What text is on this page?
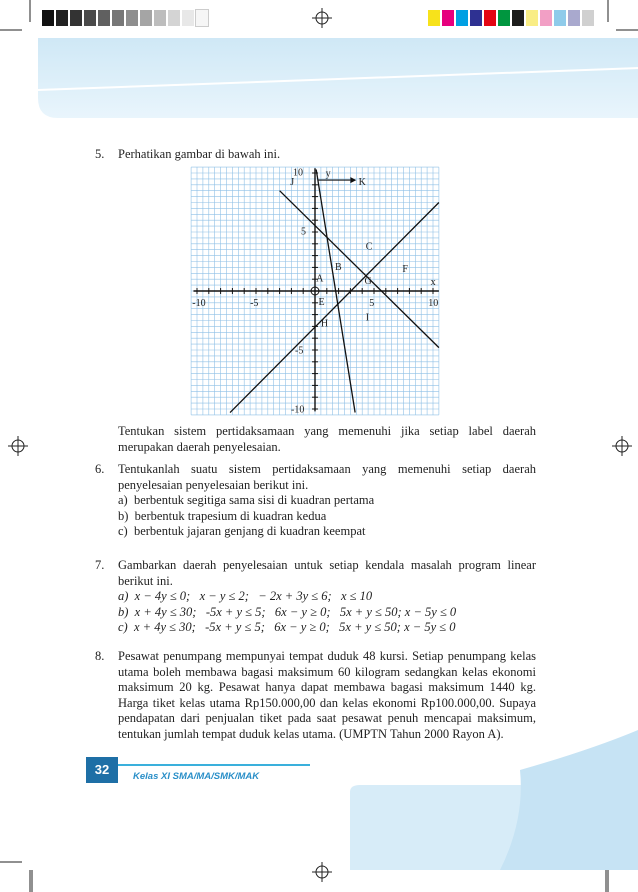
5. Perhatikan gambar di bawah ini.
-10	-5	5	10
10
5
-5
-10
x
y
J	K
C
B	F
A	G
E
I
H
Tentukan sistem pertidaksamaan yang memenuhi jika setiap label daerah merupakan daerah penyelesaian.
6. Tentukanlah suatu sistem pertidaksamaan yang memenuhi setiap daerah penyelesaian penyelesaian berikut ini.
a) berbentuk segitiga sama sisi di kuadran pertama
b) berbentuk trapesium di kuadran kedua
c) berbentuk jajaran genjang di kuadran keempat
7. Gambarkan daerah penyelesaian untuk setiap kendala masalah program linear berikut ini.
a) x − 4y ≤ 0;  x − y ≤ 2;  − 2x + 3y ≤ 6;  x ≤ 10
b) x + 4y ≤ 30;  -5x + y ≤ 5;  6x − y ≥ 0;  5x + y ≤ 50; x − 5y ≤ 0
c) x + 4y ≤ 30;  -5x + y ≤ 5;  6x − y ≥ 0;  5x + y ≤ 50; x − 5y ≤ 0
8. Pesawat penumpang mempunyai tempat duduk 48 kursi. Setiap penumpang kelas utama boleh membawa bagasi maksimum 60 kilogram sedangkan kelas ekonomi maksimum 20 kg. Pesawat hanya dapat membawa bagasi maksimum 1440 kg. Harga tiket kelas utama Rp150.000,00 dan kelas ekonomi Rp100.000,00. Supaya pendapatan dari penjualan tiket pada saat pesawat penuh mencapai maksimum, tentukan jumlah tempat duduk kelas utama. (UMPTN Tahun 2000 Rayon A).
32	Kelas XI SMA/MA/SMK/MAK
